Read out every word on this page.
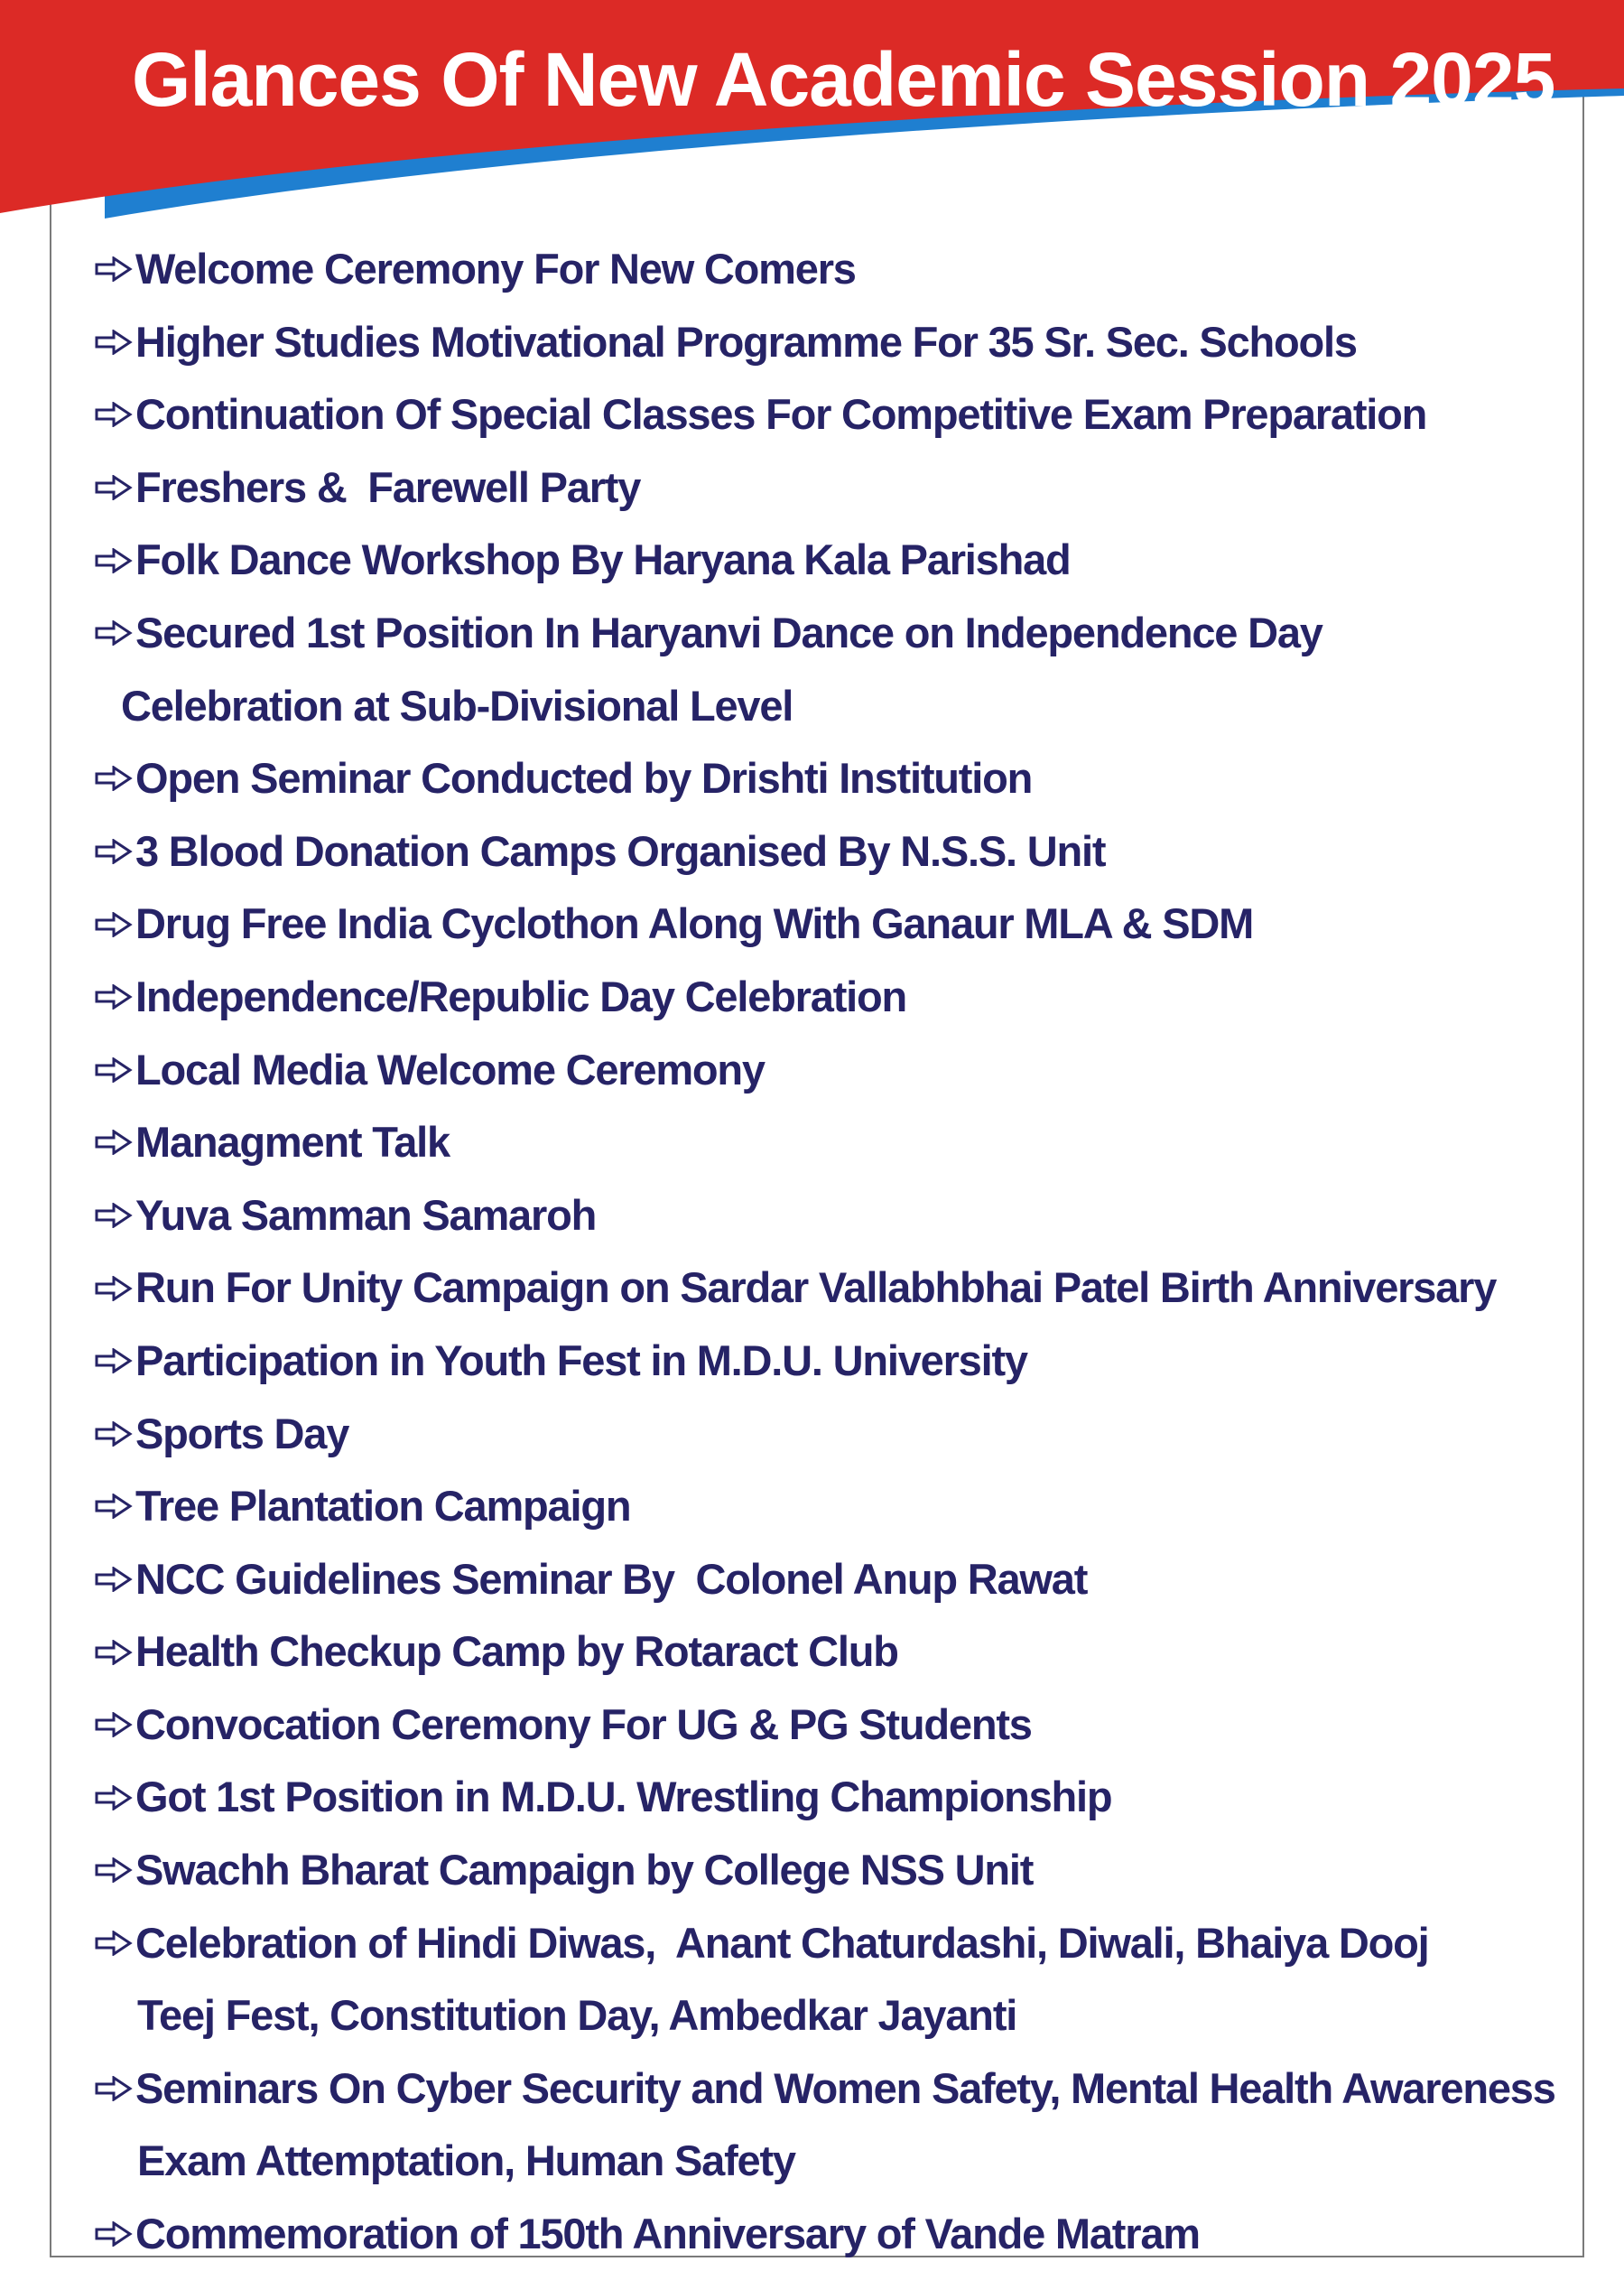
Glances Of New Academic Session 2025
Welcome Ceremony For New Comers
Higher Studies Motivational Programme For 35 Sr. Sec. Schools
Continuation Of Special Classes For Competitive Exam Preparation
Freshers &  Farewell Party
Folk Dance Workshop By Haryana Kala Parishad
Secured 1st Position In Haryanvi Dance on Independence Day
Celebration at Sub-Divisional Level
Open Seminar Conducted by Drishti Institution
3 Blood Donation Camps Organised By N.S.S. Unit
Drug Free India Cyclothon Along With Ganaur MLA & SDM
Independence/Republic Day Celebration
Local Media Welcome Ceremony
Managment Talk
Yuva Samman Samaroh
Run For Unity Campaign on Sardar Vallabhbhai Patel Birth Anniversary
Participation in Youth Fest in M.D.U. University
Sports Day
Tree Plantation Campaign
NCC Guidelines Seminar By  Colonel Anup Rawat
Health Checkup Camp by Rotaract Club
Convocation Ceremony For UG & PG Students
Got 1st Position in M.D.U. Wrestling Championship
Swachh Bharat Campaign by College NSS Unit
Celebration of Hindi Diwas,  Anant Chaturdashi, Diwali, Bhaiya Dooj
Teej Fest, Constitution Day, Ambedkar Jayanti
Seminars On Cyber Security and Women Safety, Mental Health Awareness
Exam Attemptation, Human Safety
Commemoration of 150th Anniversary of Vande Matram
